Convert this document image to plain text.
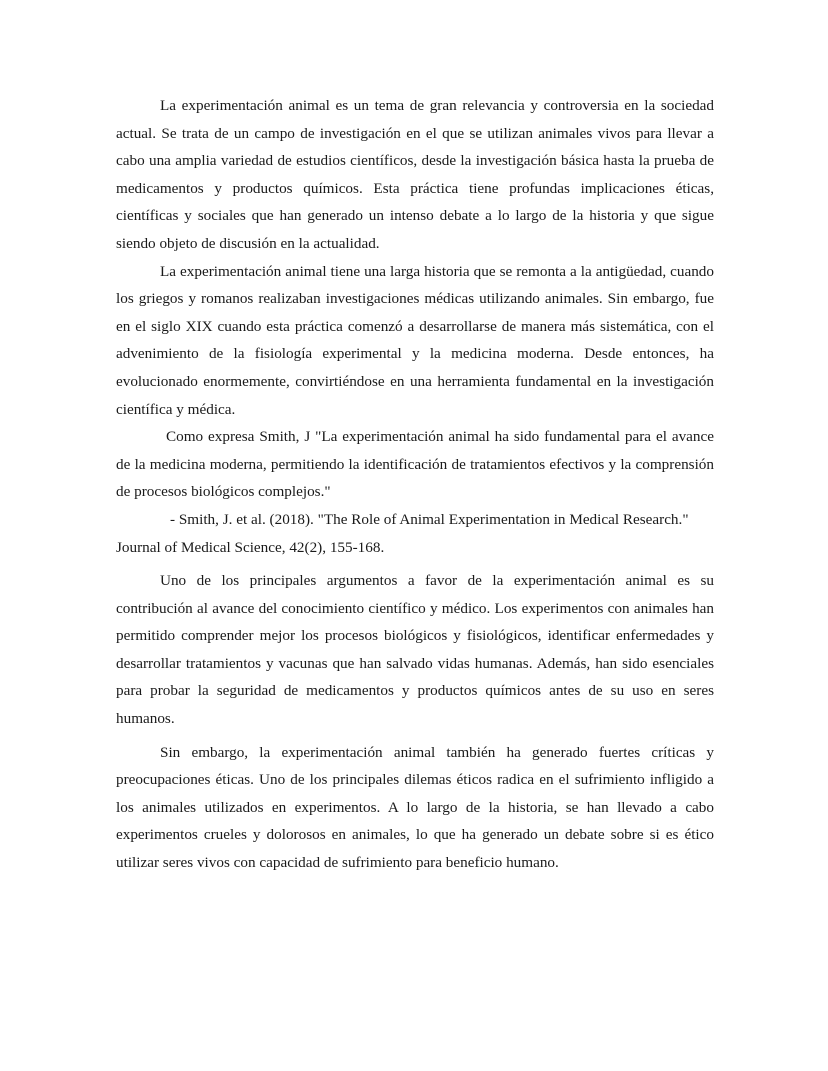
La experimentación animal es un tema de gran relevancia y controversia en la sociedad actual. Se trata de un campo de investigación en el que se utilizan animales vivos para llevar a cabo una amplia variedad de estudios científicos, desde la investigación básica hasta la prueba de medicamentos y productos químicos. Esta práctica tiene profundas implicaciones éticas, científicas y sociales que han generado un intenso debate a lo largo de la historia y que sigue siendo objeto de discusión en la actualidad.

La experimentación animal tiene una larga historia que se remonta a la antigüedad, cuando los griegos y romanos realizaban investigaciones médicas utilizando animales. Sin embargo, fue en el siglo XIX cuando esta práctica comenzó a desarrollarse de manera más sistemática, con el advenimiento de la fisiología experimental y la medicina moderna. Desde entonces, ha evolucionado enormemente, convirtiéndose en una herramienta fundamental en la investigación científica y médica.

Como expresa Smith, J "La experimentación animal ha sido fundamental para el avance de la medicina moderna, permitiendo la identificación de tratamientos efectivos y la comprensión de procesos biológicos complejos."

- Smith, J. et al. (2018). "The Role of Animal Experimentation in Medical Research." Journal of Medical Science, 42(2), 155-168.

Uno de los principales argumentos a favor de la experimentación animal es su contribución al avance del conocimiento científico y médico. Los experimentos con animales han permitido comprender mejor los procesos biológicos y fisiológicos, identificar enfermedades y desarrollar tratamientos y vacunas que han salvado vidas humanas. Además, han sido esenciales para probar la seguridad de medicamentos y productos químicos antes de su uso en seres humanos.

Sin embargo, la experimentación animal también ha generado fuertes críticas y preocupaciones éticas. Uno de los principales dilemas éticos radica en el sufrimiento infligido a los animales utilizados en experimentos. A lo largo de la historia, se han llevado a cabo experimentos crueles y dolorosos en animales, lo que ha generado un debate sobre si es ético utilizar seres vivos con capacidad de sufrimiento para beneficio humano.
